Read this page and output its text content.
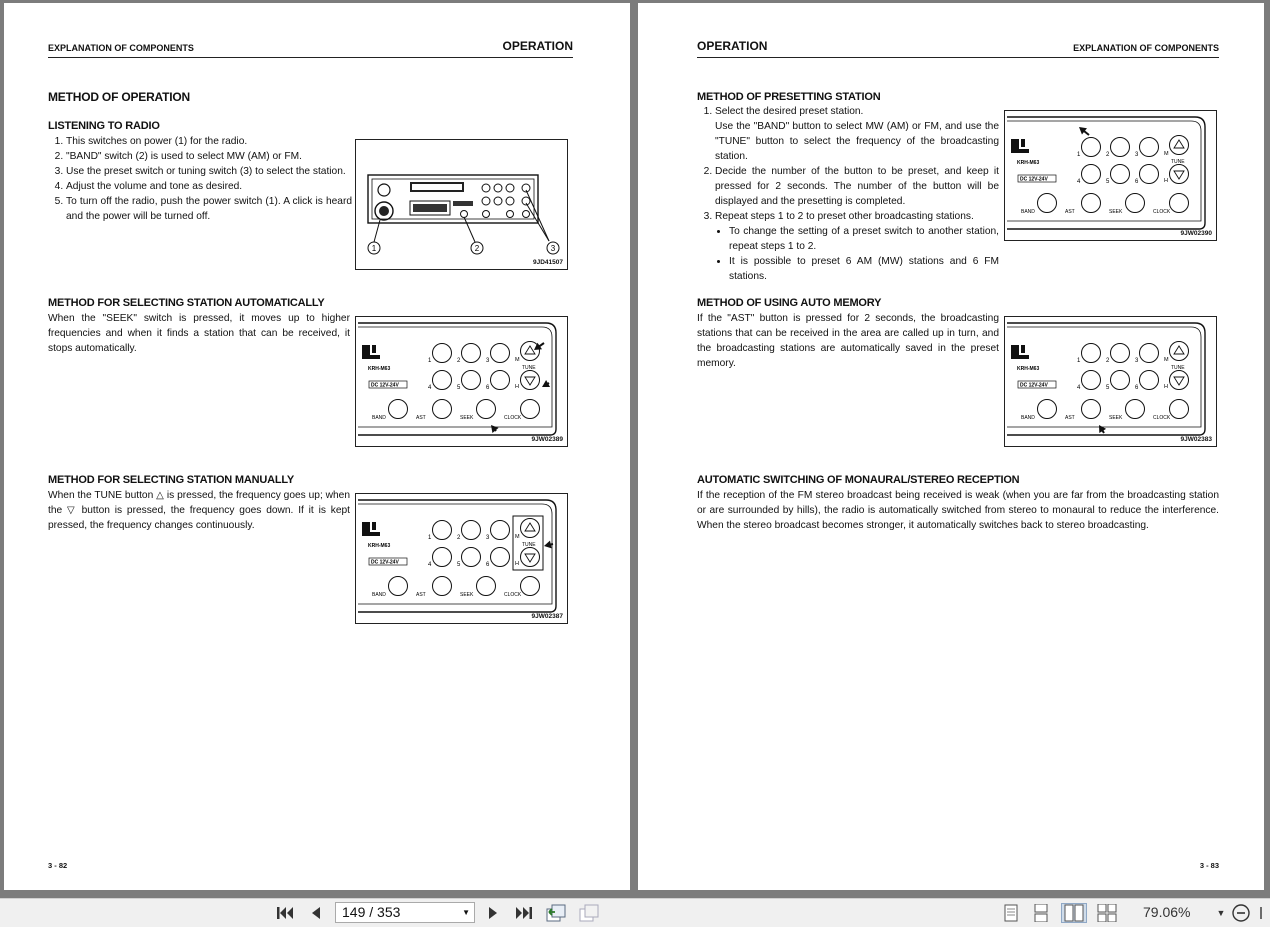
EXPLANATION OF COMPONENTS	OPERATION
METHOD OF OPERATION
LISTENING TO RADIO
1. This switches on power (1) for the radio.
2. "BAND" switch (2) is used to select MW (AM) or FM.
3. Use the preset switch or tuning switch (3) to select the station.
4. Adjust the volume and tone as desired.
5. To turn off the radio, push the power switch (1). A click is heard and the power will be turned off.
1	2	3
9JD41507
METHOD FOR SELECTING STATION AUTOMATICALLY
When the "SEEK" switch is pressed, it moves up to higher frequencies and when it finds a station that can be received, it stops automatically.
KRH-M63
DC 12V-24V
1	2	3
4	5	6
M
H
TUNE
BAND	AST	SEEK	CLOCK
9JW02389
METHOD FOR SELECTING STATION MANUALLY
When the TUNE button △ is pressed, the frequency goes up; when the ▽ button is pressed, the frequency goes down. If it is kept pressed, the frequency changes continuously.
KRH-M63
DC 12V-24V
1	2	3
4	5	6
M
H
TUNE
BAND	AST	SEEK	CLOCK
9JW02387
3 - 82
OPERATION	EXPLANATION OF COMPONENTS
METHOD OF PRESETTING STATION
1. Select the desired preset station.
Use the "BAND" button to select MW (AM) or FM, and use the "TUNE" button to select the frequency of the broadcasting station.
2. Decide the number of the button to be preset, and keep it pressed for 2 seconds. The number of the button will be displayed and the presetting is completed.
3. Repeat steps 1 to 2 to preset other broadcasting stations.
• To change the setting of a preset switch to another station, repeat steps 1 to 2.
• It is possible to preset 6 AM (MW) stations and 6 FM stations.
KRH-M63
DC 12V-24V
1	2	3
4	5	6
M
H
TUNE
BAND	AST	SEEK	CLOCK
9JW02390
METHOD OF USING AUTO MEMORY
If the "AST" button is pressed for 2 seconds, the broadcasting stations that can be received in the area are called up in turn, and the broadcasting stations are automatically saved in the preset memory.	KRH-M63
DC 12V-24V
1	2	3
4	5	6
M
H
TUNE
BAND	AST	SEEK	CLOCK
9JW02383
AUTOMATIC SWITCHING OF MONAURAL/STEREO RECEPTION
If the reception of the FM stereo broadcast being received is weak (when you are far from the broadcasting station or are surrounded by hills), the radio is automatically switched from stereo to monaural to reduce the interference. When the stereo broadcast becomes stronger, it automatically switches back to stereo broadcasting.
3 - 83
149 / 353	▼	79.06%	▼
